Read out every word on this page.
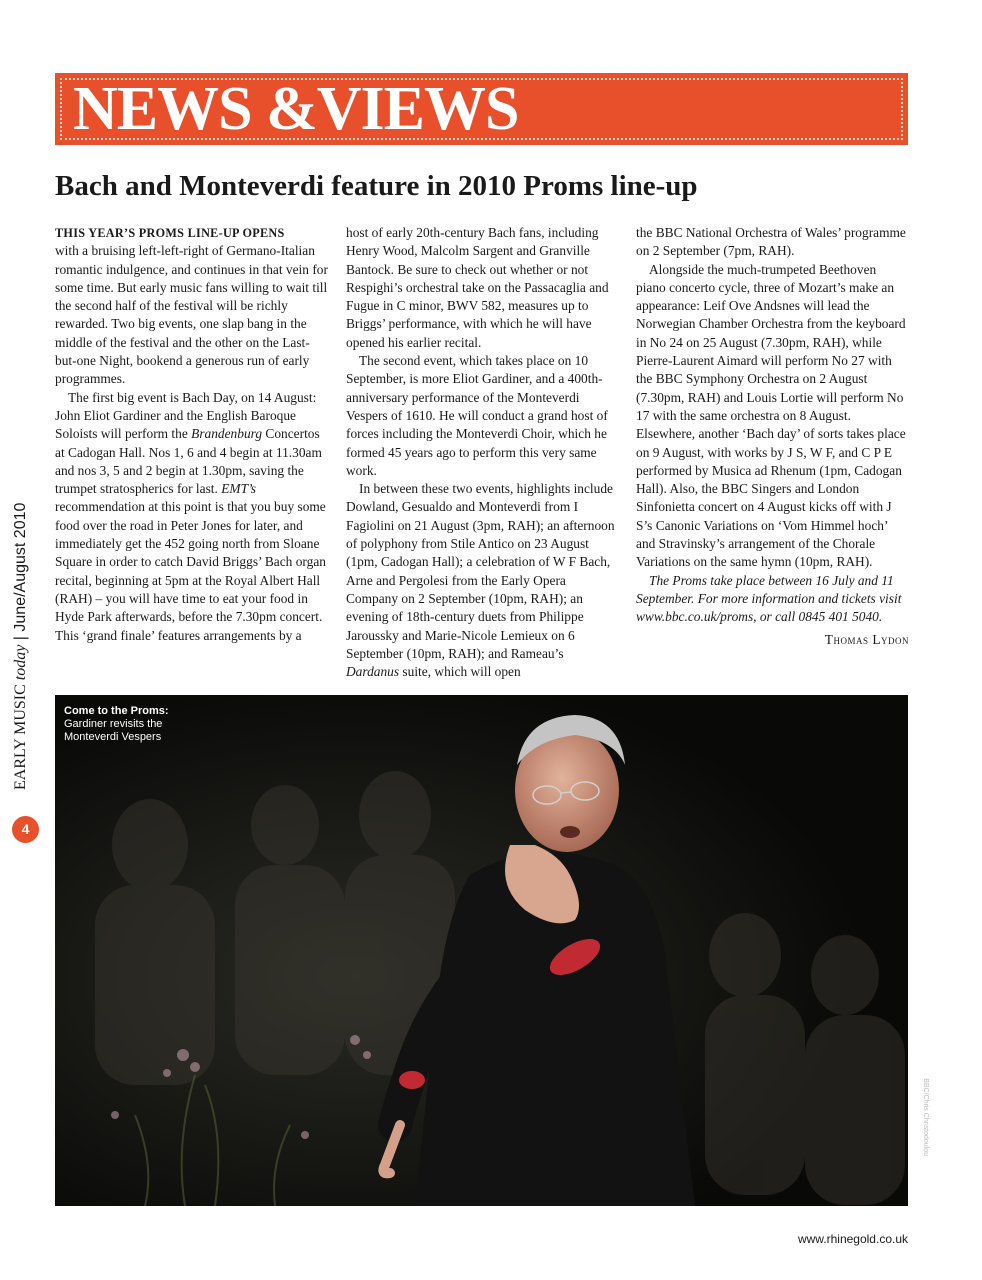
NEWS &VIEWS
Bach and Monteverdi feature in 2010 Proms line-up

THIS YEAR’S PROMS LINE-UP OPENS
with a bruising left-left-right of Germano-Italian romantic indulgence, and continues in that vein for some time. But early music fans willing to wait till the second half of the festival will be richly rewarded. Two big events, one slap bang in the middle of the festival and the other on the Last-but-one Night, bookend a generous run of early programmes.

The first big event is Bach Day, on 14 August: John Eliot Gardiner and the English Baroque Soloists will perform the Brandenburg Concertos at Cadogan Hall. Nos 1, 6 and 4 begin at 11.30am and nos 3, 5 and 2 begin at 1.30pm, saving the trumpet stratospherics for last. EMT’s recommendation at this point is that you buy some food over the road in Peter Jones for later, and immediately get the 452 going north from Sloane Square in order to catch David Briggs’ Bach organ recital, beginning at 5pm at the Royal Albert Hall (RAH) – you will have time to eat your food in Hyde Park afterwards, before the 7.30pm concert. This ‘grand finale’ features arrangements by a

host of early 20th-century Bach fans, including Henry Wood, Malcolm Sargent and Granville Bantock. Be sure to check out whether or not Respighi’s orchestral take on the Passacaglia and Fugue in C minor, BWV 582, measures up to Briggs’ performance, with which he will have opened his earlier recital.

The second event, which takes place on 10 September, is more Eliot Gardiner, and a 400th-anniversary performance of the Monteverdi Vespers of 1610. He will conduct a grand host of forces including the Monteverdi Choir, which he formed 45 years ago to perform this very same work.

In between these two events, highlights include Dowland, Gesualdo and Monteverdi from I Fagiolini on 21 August (3pm, RAH); an afternoon of polyphony from Stile Antico on 23 August (1pm, Cadogan Hall); a celebration of W F Bach, Arne and Pergolesi from the Early Opera Company on 2 September (10pm, RAH); an evening of 18th-century duets from Philippe Jaroussky and Marie-Nicole Lemieux on 6 September (10pm, RAH); and Rameau’s Dardanus suite, which will open

the BBC National Orchestra of Wales’ programme on 2 September (7pm, RAH).

Alongside the much-trumpeted Beethoven piano concerto cycle, three of Mozart’s make an appearance: Leif Ove Andsnes will lead the Norwegian Chamber Orchestra from the keyboard in No 24 on 25 August (7.30pm, RAH), while Pierre-Laurent Aimard will perform No 27 with the BBC Symphony Orchestra on 2 August (7.30pm, RAH) and Louis Lortie will perform No 17 with the same orchestra on 8 August. Elsewhere, another ‘Bach day’ of sorts takes place on 9 August, with works by J S, W F, and C P E performed by Musica ad Rhenum (1pm, Cadogan Hall). Also, the BBC Singers and London Sinfonietta concert on 4 August kicks off with J S’s Canonic Variations on ‘Vom Himmel hoch’ and Stravinsky’s arrangement of the Chorale Variations on the same hymn (10pm, RAH).

The Proms take place between 16 July and 11 September. For more information and tickets visit www.bbc.co.uk/proms, or call 0845 401 5040.

Thomas Lydon

EARLY MUSIC today | June/August 2010
4
Come to the Proms:
Gardiner revisits the Monteverdi Vespers
BBC/Chris Christodoulou
www.rhinegold.co.uk
